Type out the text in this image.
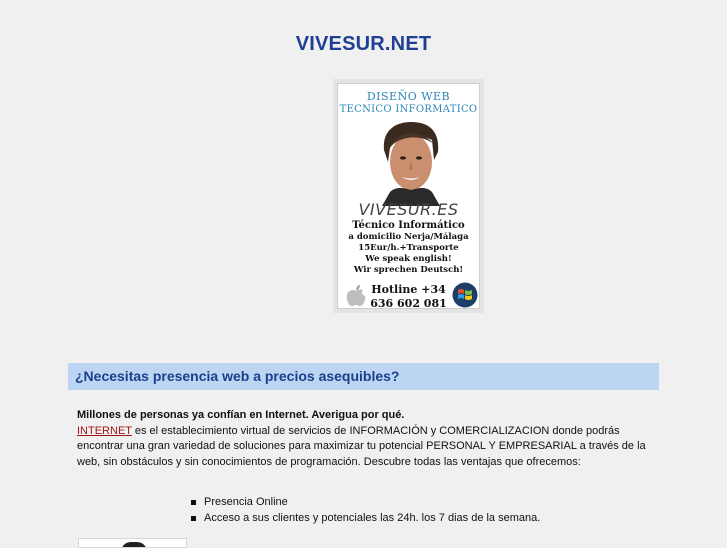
VIVESUR.NET
DISEÑO WEB
TECNICO INFORMATICO
VIVESUR.ES
Técnico Informático
a domicilio Nerja/Málaga
15Eur/h.+Transporte
We speak english!
Wir sprechen Deutsch!
Hotline +34
636 602 081
¿Necesitas presencia web a precios asequibles?
Millones de personas ya confían en Internet. Averigua por qué.
INTERNET es el establecimiento virtual de servicios de INFORMACIÓN y COMERCIALIZACION donde podrás encontrar una gran variedad de soluciones para maximizar tu potencial PERSONAL Y EMPRESARIAL a través de la web, sin obstáculos y sin conocimientos de programación. Descubre todas las ventajas que ofrecemos:
Presencia Online
Acceso a sus clientes y potenciales las 24h. los 7 dias de la semana.
